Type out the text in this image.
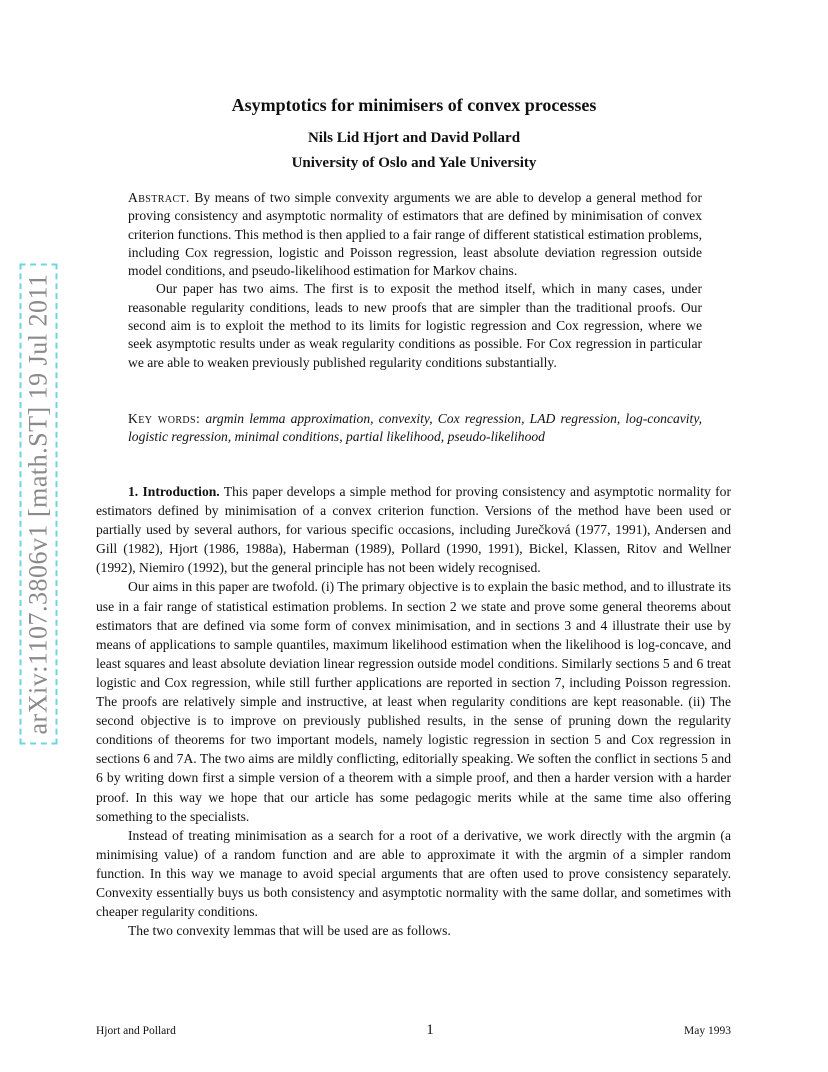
arXiv:1107.3806v1 [math.ST] 19 Jul 2011
Asymptotics for minimisers of convex processes
Nils Lid Hjort and David Pollard
University of Oslo and Yale University

Abstract. By means of two simple convexity arguments we are able to develop a general method for proving consistency and asymptotic normality of estimators that are defined by minimisation of convex criterion functions. This method is then applied to a fair range of different statistical estimation problems, including Cox regression, logistic and Poisson regression, least absolute deviation regression outside model conditions, and pseudo-likelihood estimation for Markov chains.

Our paper has two aims. The first is to exposit the method itself, which in many cases, under reasonable regularity conditions, leads to new proofs that are simpler than the traditional proofs. Our second aim is to exploit the method to its limits for logistic regression and Cox regression, where we seek asymptotic results under as weak regularity conditions as possible. For Cox regression in particular we are able to weaken previously published regularity conditions substantially.

Key words: argmin lemma approximation, convexity, Cox regression, LAD regression, log-concavity, logistic regression, minimal conditions, partial likelihood, pseudo-likelihood

1. Introduction. This paper develops a simple method for proving consistency and asymptotic normality for estimators defined by minimisation of a convex criterion function. Versions of the method have been used or partially used by several authors, for various specific occasions, including Jurečková (1977, 1991), Andersen and Gill (1982), Hjort (1986, 1988a), Haberman (1989), Pollard (1990, 1991), Bickel, Klassen, Ritov and Wellner (1992), Niemiro (1992), but the general principle has not been widely recognised.

Our aims in this paper are twofold. (i) The primary objective is to explain the basic method, and to illustrate its use in a fair range of statistical estimation problems. In section 2 we state and prove some general theorems about estimators that are defined via some form of convex minimisation, and in sections 3 and 4 illustrate their use by means of applications to sample quantiles, maximum likelihood estimation when the likelihood is log-concave, and least squares and least absolute deviation linear regression outside model conditions. Similarly sections 5 and 6 treat logistic and Cox regression, while still further applications are reported in section 7, including Poisson regression. The proofs are relatively simple and instructive, at least when regularity conditions are kept reasonable. (ii) The second objective is to improve on previously published results, in the sense of pruning down the regularity conditions of theorems for two important models, namely logistic regression in section 5 and Cox regression in sections 6 and 7A. The two aims are mildly conflicting, editorially speaking. We soften the conflict in sections 5 and 6 by writing down first a simple version of a theorem with a simple proof, and then a harder version with a harder proof. In this way we hope that our article has some pedagogic merits while at the same time also offering something to the specialists.

Instead of treating minimisation as a search for a root of a derivative, we work directly with the argmin (a minimising value) of a random function and are able to approximate it with the argmin of a simpler random function. In this way we manage to avoid special arguments that are often used to prove consistency separately. Convexity essentially buys us both consistency and asymptotic normality with the same dollar, and sometimes with cheaper regularity conditions.

The two convexity lemmas that will be used are as follows.

Hjort and Pollard	1	May 1993
